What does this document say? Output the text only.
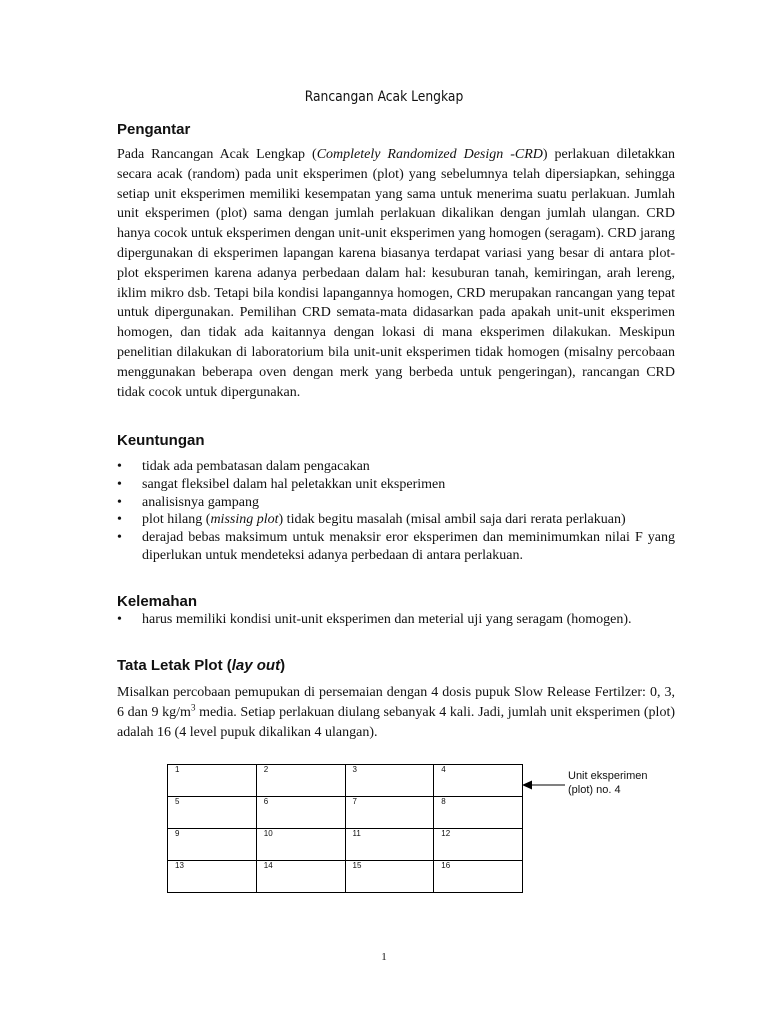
Rancangan Acak Lengkap
Pengantar

Pada Rancangan Acak Lengkap (Completely Randomized Design -CRD) perlakuan diletakkan secara acak (random) pada unit eksperimen (plot) yang sebelumnya telah dipersiapkan, sehingga setiap unit eksperimen memiliki kesempatan yang sama untuk menerima suatu perlakuan. Jumlah unit eksperimen (plot) sama dengan jumlah perlakuan dikalikan dengan jumlah ulangan. CRD hanya cocok untuk eksperimen dengan unit-unit eksperimen yang homogen (seragam). CRD jarang dipergunakan di eksperimen lapangan karena biasanya terdapat variasi yang besar di antara plot-plot eksperimen karena adanya perbedaan dalam hal: kesuburan tanah, kemiringan, arah lereng, iklim mikro dsb. Tetapi bila kondisi lapangannya homogen, CRD merupakan rancangan yang tepat untuk dipergunakan. Pemilihan CRD semata-mata didasarkan pada apakah unit-unit eksperimen homogen, dan tidak ada kaitannya dengan lokasi di mana eksperimen dilakukan. Meskipun penelitian dilakukan di laboratorium bila unit-unit eksperimen tidak homogen (misalny percobaan menggunakan beberapa oven dengan merk yang berbeda untuk pengeringan), rancangan CRD tidak cocok untuk dipergunakan.

Keuntungan
• tidak ada pembatasan dalam pengacakan
• sangat fleksibel dalam hal peletakkan unit eksperimen
• analisisnya gampang
• plot hilang (missing plot) tidak begitu masalah (misal ambil saja dari rerata perlakuan)
• derajad bebas maksimum untuk menaksir eror eksperimen dan meminimumkan nilai F yang diperlukan untuk mendeteksi adanya perbedaan di antara perlakuan.
Kelemahan
• harus memiliki kondisi unit-unit eksperimen dan meterial uji yang seragam (homogen).
Tata Letak Plot (lay out)

Misalkan percobaan pemupukan di persemaian dengan 4 dosis pupuk Slow Release Fertilzer: 0, 3, 6 dan 9 $kg/m^3$ media. Setiap perlakuan diulang sebanyak 4 kali. Jadi, jumlah unit eksperimen (plot) adalah 16 (4 level pupuk dikalikan 4 ulangan).

1	2	3	4
5	6	7	8
9	10	11	12
13	14	15	16
Unit eksperimen
(plot) no. 4
1
